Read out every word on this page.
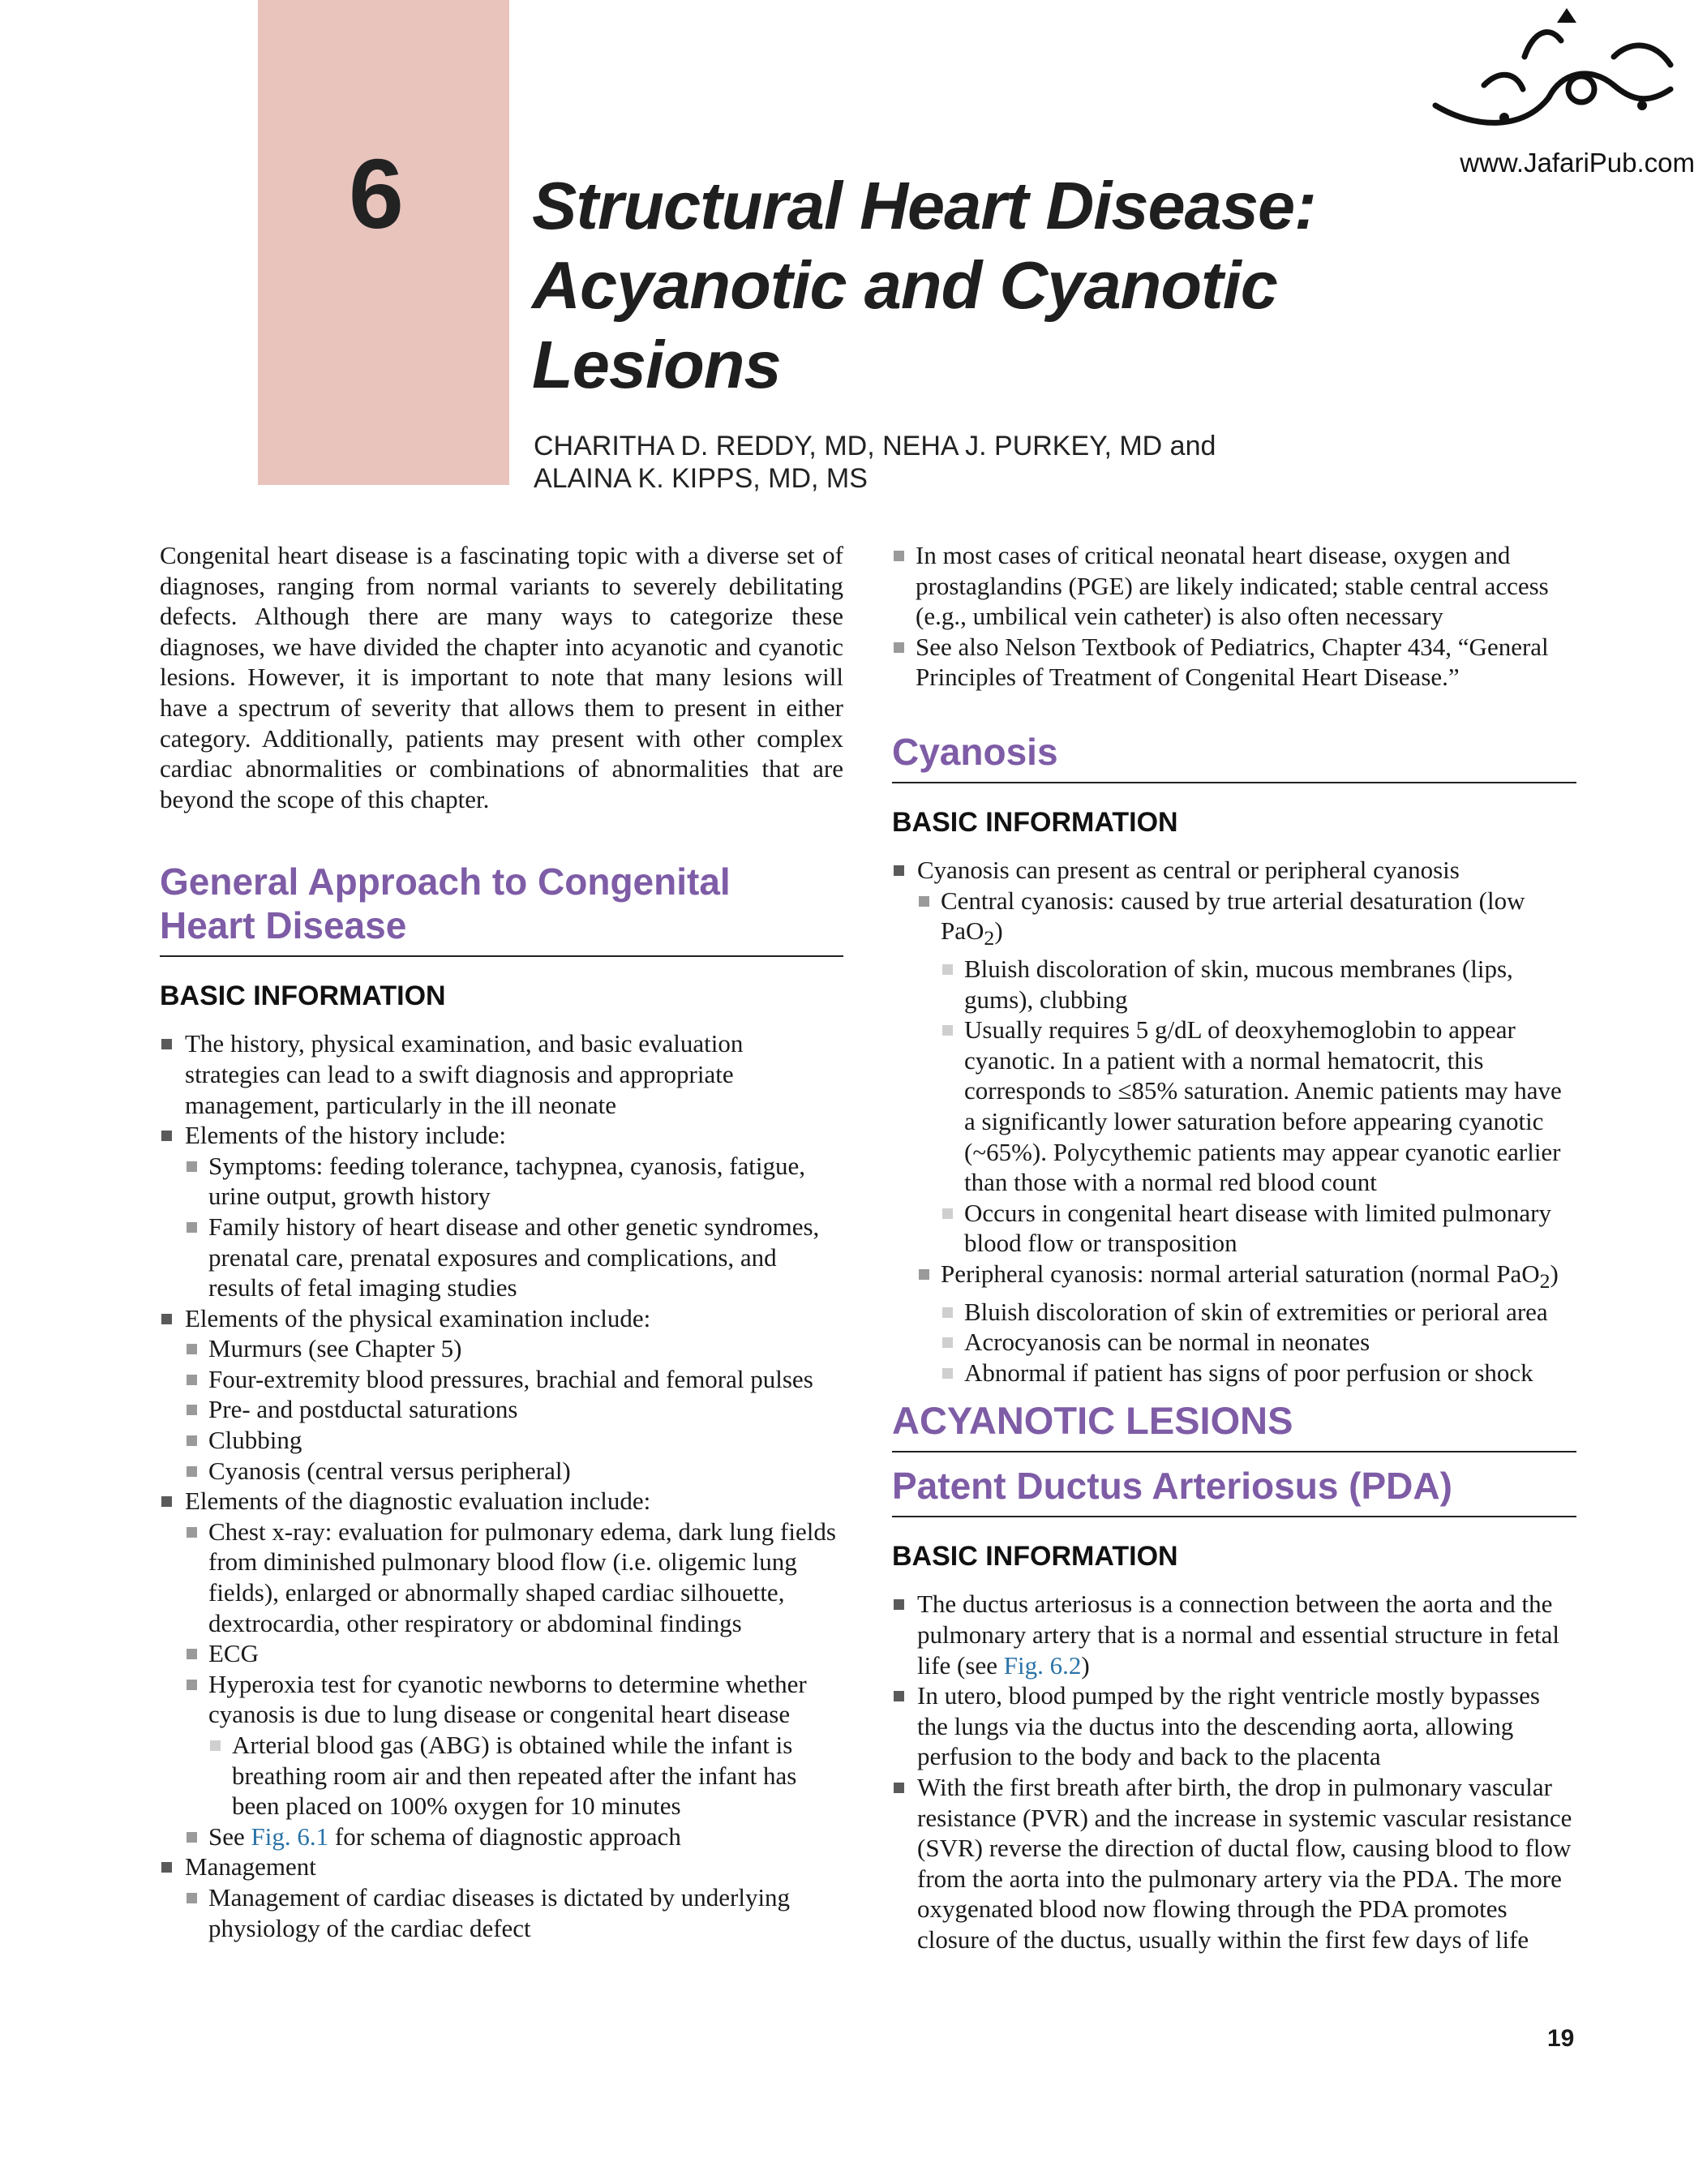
6 Structural Heart Disease:
Acyanotic and Cyanotic
Lesions
CHARITHA D. REDDY, MD, NEHA J. PURKEY, MD and
ALAINA K. KIPPS, MD, MS
www.JafariPub.com

Congenital heart disease is a fascinating topic with a diverse set of diagnoses, ranging from normal variants to severely debilitating defects. Although there are many ways to categorize these diagnoses, we have divided the chapter into acyanotic and cyanotic lesions. However, it is important to note that many lesions will have a spectrum of severity that allows them to present in either category. Additionally, patients may present with other complex cardiac abnormalities or combinations of abnormalities that are beyond the scope of this chapter.

General Approach to Congenital
Heart Disease
BASIC INFORMATION
The history, physical examination, and basic evaluation strategies can lead to a swift diagnosis and appropriate management, particularly in the ill neonate
Elements of the history include:
Symptoms: feeding tolerance, tachypnea, cyanosis, fatigue, urine output, growth history
Family history of heart disease and other genetic syndromes, prenatal care, prenatal exposures and complications, and results of fetal imaging studies
Elements of the physical examination include:
Murmurs (see Chapter 5)
Four-extremity blood pressures, brachial and femoral pulses
Pre- and postductal saturations
Clubbing
Cyanosis (central versus peripheral)
Elements of the diagnostic evaluation include:
Chest x-ray: evaluation for pulmonary edema, dark lung fields from diminished pulmonary blood flow (i.e. oligemic lung fields), enlarged or abnormally shaped cardiac silhouette, dextrocardia, other respiratory or abdominal findings
ECG
Hyperoxia test for cyanotic newborns to determine whether cyanosis is due to lung disease or congenital heart disease
Arterial blood gas (ABG) is obtained while the infant is breathing room air and then repeated after the infant has been placed on 100% oxygen for 10 minutes
See Fig. 6.1 for schema of diagnostic approach
Management
Management of cardiac diseases is dictated by underlying physiology of the cardiac defect
In most cases of critical neonatal heart disease, oxygen and prostaglandins (PGE) are likely indicated; stable central access (e.g., umbilical vein catheter) is also often necessary
See also Nelson Textbook of Pediatrics, Chapter 434, “General Principles of Treatment of Congenital Heart Disease.”
Cyanosis
BASIC INFORMATION
Cyanosis can present as central or peripheral cyanosis
Central cyanosis: caused by true arterial desaturation (low PaO$_2$)
Bluish discoloration of skin, mucous membranes (lips, gums), clubbing
Usually requires 5 g/dL of deoxyhemoglobin to appear cyanotic. In a patient with a normal hematocrit, this corresponds to ≤85% saturation. Anemic patients may have a significantly lower saturation before appearing cyanotic (~65%). Polycythemic patients may appear cyanotic earlier than those with a normal red blood count
Occurs in congenital heart disease with limited pulmonary blood flow or transposition
Peripheral cyanosis: normal arterial saturation (normal PaO$_2$)
Bluish discoloration of skin of extremities or perioral area
Acrocyanosis can be normal in neonates
Abnormal if patient has signs of poor perfusion or shock
ACYANOTIC LESIONS
Patent Ductus Arteriosus (PDA)
BASIC INFORMATION
The ductus arteriosus is a connection between the aorta and the pulmonary artery that is a normal and essential structure in fetal life (see Fig. 6.2)
In utero, blood pumped by the right ventricle mostly bypasses the lungs via the ductus into the descending aorta, allowing perfusion to the body and back to the placenta
With the first breath after birth, the drop in pulmonary vascular resistance (PVR) and the increase in systemic vascular resistance (SVR) reverse the direction of ductal flow, causing blood to flow from the aorta into the pulmonary artery via the PDA. The more oxygenated blood now flowing through the PDA promotes closure of the ductus, usually within the first few days of life
19
